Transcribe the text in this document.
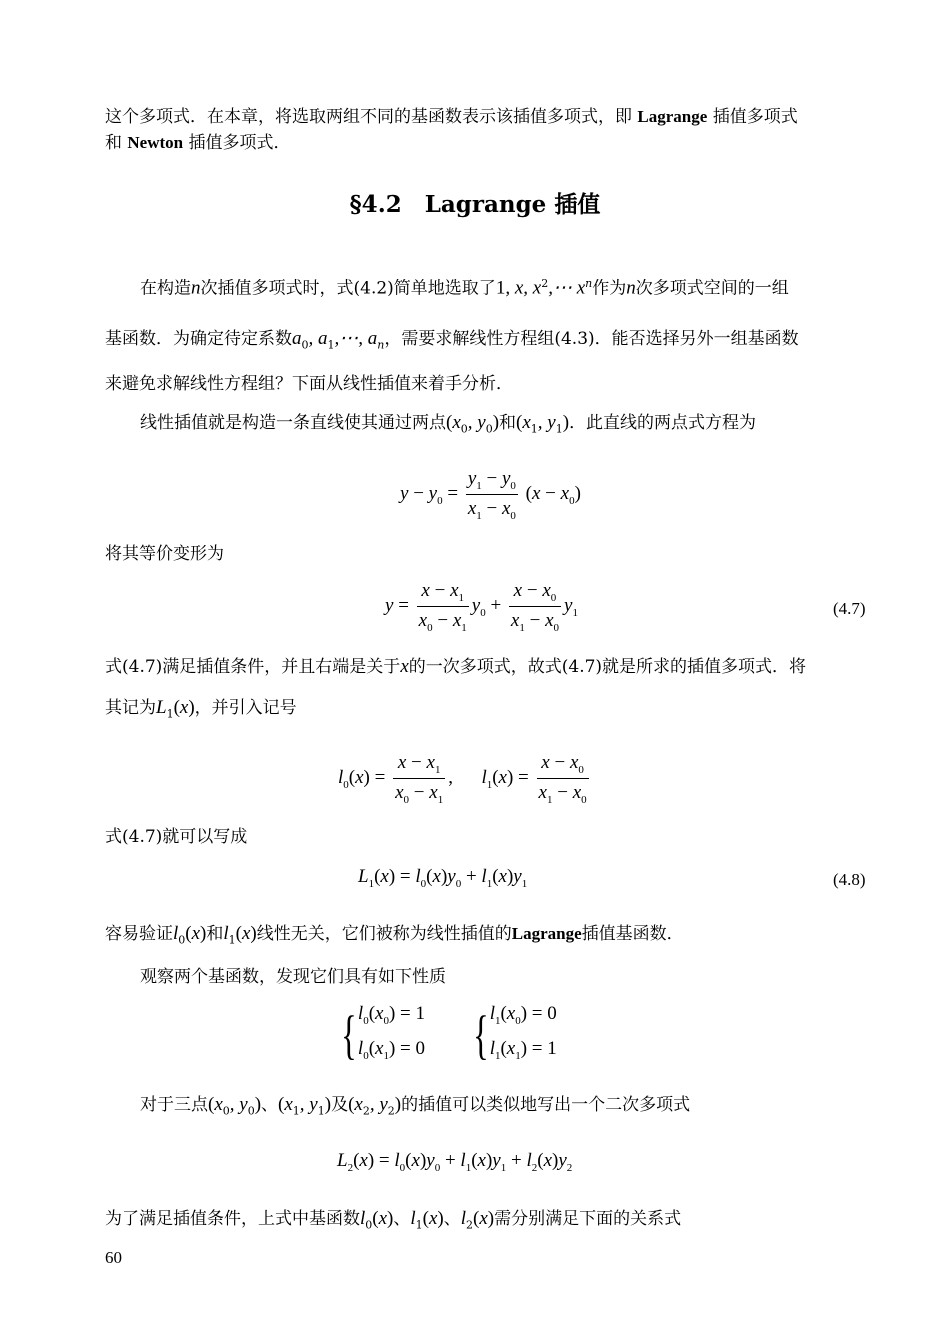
这个多项式．在本章，将选取两组不同的基函数表示该插值多项式，即 Lagrange 插值多项式
和 Newton 插值多项式．
§4.2　Lagrange 插值
在构造n次插值多项式时，式(4.2)简单地选取了1, x, $x^2,\cdots$ $x^n$作为n次多项式空间的一组
基函数．为确定待定系数$a_0$, $a_1,\cdots$, $a_n$，需要求解线性方程组(4.3)．能否选择另外一组基函数
来避免求解线性方程组？下面从线性插值来着手分析．
线性插值就是构造一条直线使其通过两点($x_0$, $y_0$)和($x_1$, $y_1$)．此直线的两点式方程为
$y - y_0 = \frac{y_1 - y_0}{x_1 - x_0} (x - x_0)$
将其等价变形为
$y = \frac{x - x_1}{x_0 - x_1} y_0 + \frac{x - x_0}{x_1 - x_0} y_1$	(4.7)
式(4.7)满足插值条件，并且右端是关于x的一次多项式，故式(4.7)就是所求的插值多项式．将
其记为$L_1(x)$，并引入记号
$l_0(x) = \frac{x - x_1}{x_0 - x_1}$ ,      $l_1(x) = \frac{x - x_0}{x_1 - x_0}$
式(4.7)就可以写成
$L_1(x) = l_0(x)y_0 + l_1(x)y_1$	(4.8)
容易验证$l_0(x)$和$l_1(x)$线性无关，它们被称为线性插值的Lagrange插值基函数．
观察两个基函数，发现它们具有如下性质
{$l_0(x_0) = 1$
$l_0(x_1) = 0$ {$l_1(x_0) = 0$
$l_1(x_1) = 1$
对于三点($x_0$, $y_0$)、($x_1$, $y_1$)及($x_2$, $y_2$)的插值可以类似地写出一个二次多项式
$L_2(x) = l_0(x)y_0 + l_1(x)y_1 + l_2(x)y_2$
为了满足插值条件，上式中基函数$l_0(x)$、$l_1(x)$、$l_2(x)$需分别满足下面的关系式
60
